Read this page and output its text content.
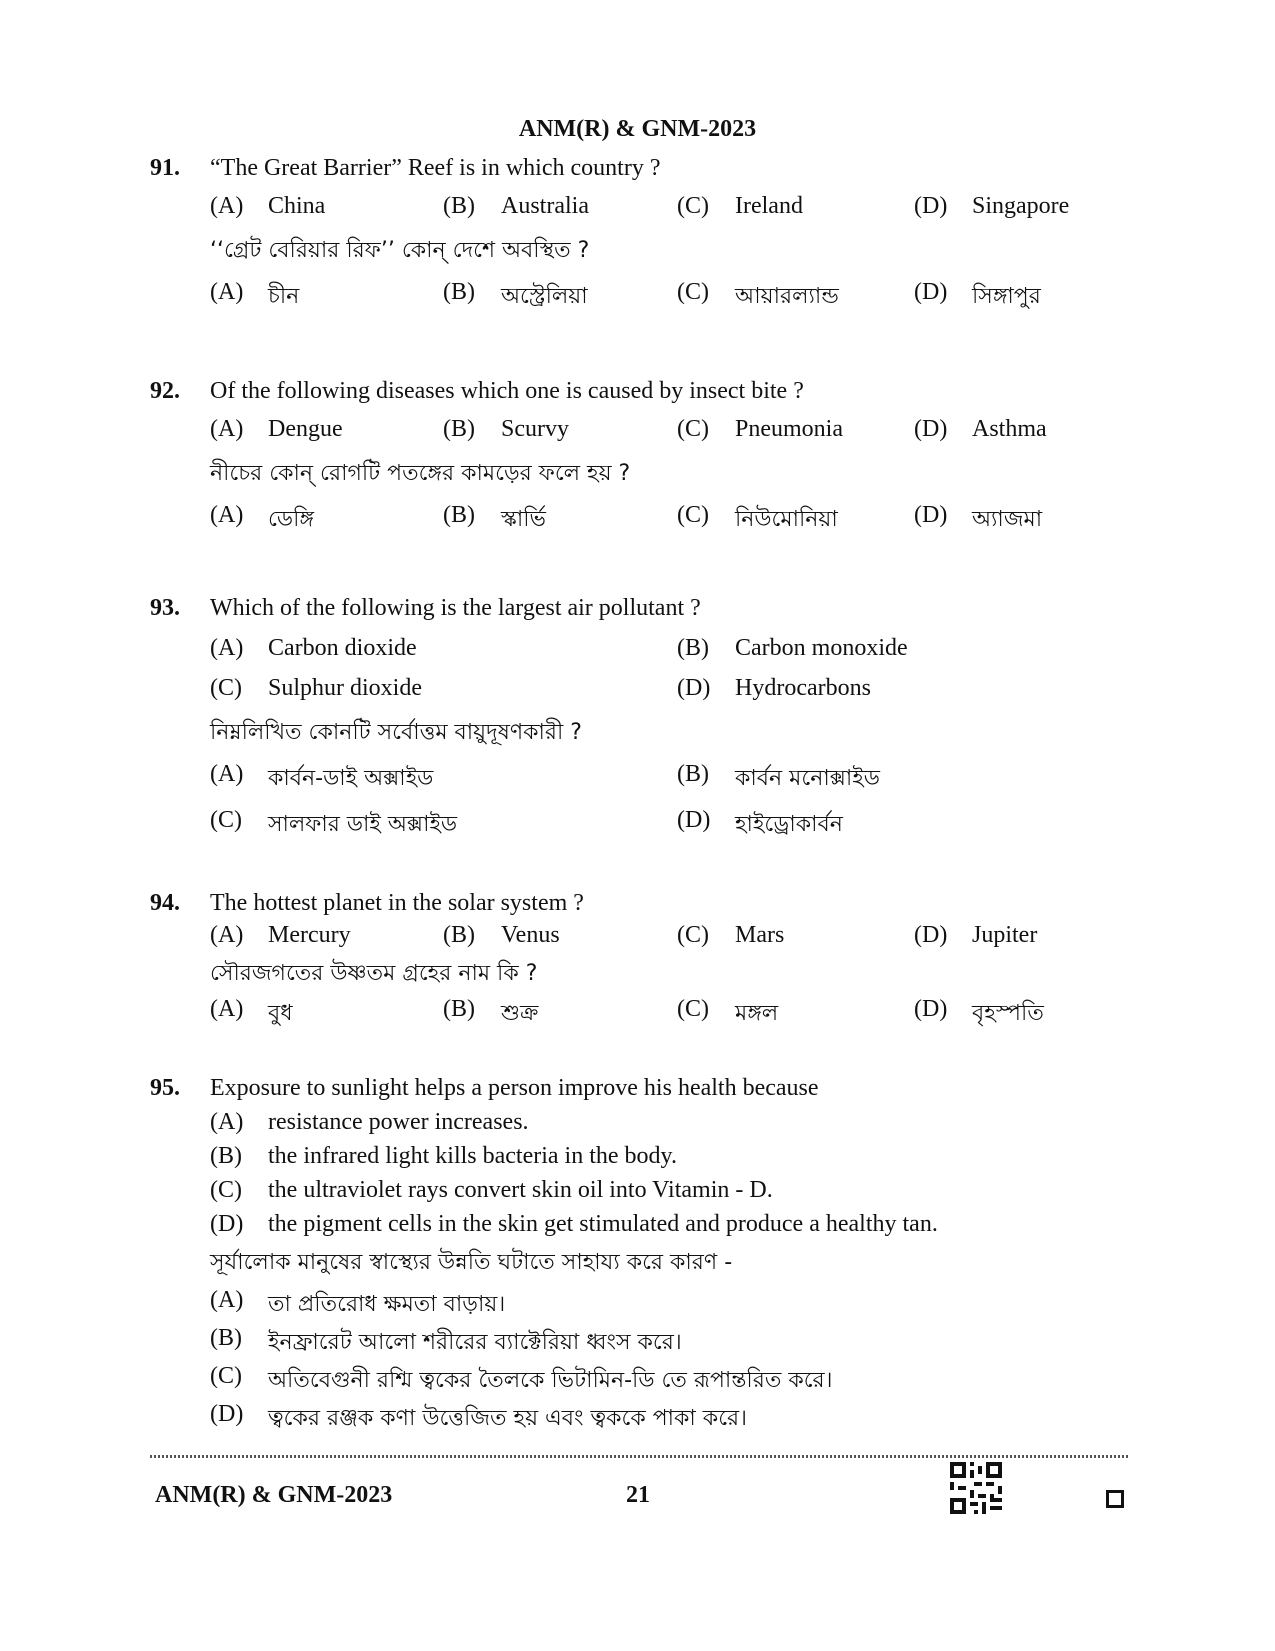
ANM(R) & GNM-2023
91. “The Great Barrier” Reef is in which country ?
(A) China	(B) Australia	(C) Ireland	(D) Singapore
‘‘গ্রেট বেরিয়ার রিফ’’ কোন্ দেশে অবস্থিত ?
(A) চীন	(B) অস্ট্রেলিয়া	(C) আয়ারল্যান্ড	(D) সিঙ্গাপুর
92. Of the following diseases which one is caused by insect bite ?
(A) Dengue	(B) Scurvy	(C) Pneumonia	(D) Asthma
নীচের কোন্ রোগটি পতঙ্গের কামড়ের ফলে হয় ?
(A) ডেঙ্গি	(B) স্কার্ভি	(C) নিউমোনিয়া	(D) অ্যাজমা
93. Which of the following is the largest air pollutant ?
(A) Carbon dioxide	(B) Carbon monoxide
(C) Sulphur dioxide	(D) Hydrocarbons
নিম্নলিখিত কোনটি সর্বোত্তম বায়ুদূষণকারী ?
(A) কার্বন-ডাই অক্সাইড	(B) কার্বন মনোক্সাইড
(C) সালফার ডাই অক্সাইড	(D) হাইড্রোকার্বন
94. The hottest planet in the solar system ?
(A) Mercury	(B) Venus	(C) Mars	(D) Jupiter
সৌরজগতের উষ্ণতম গ্রহের নাম কি ?
(A) বুধ	(B) শুক্র	(C) মঙ্গল	(D) বৃহস্পতি
95. Exposure to sunlight helps a person improve his health because
(A) resistance power increases.
(B) the infrared light kills bacteria in the body.
(C) the ultraviolet rays convert skin oil into Vitamin - D.
(D) the pigment cells in the skin get stimulated and produce a healthy tan.
সূর্যালোক মানুষের স্বাস্থ্যের উন্নতি ঘটাতে সাহায্য করে কারণ -
(A) তা প্রতিরোধ ক্ষমতা বাড়ায়।
(B) ইনফ্রারেট আলো শরীরের ব্যাক্টেরিয়া ধ্বংস করে।
(C) অতিবেগুনী রশ্মি ত্বকের তৈলকে ভিটামিন-ডি তে রূপান্তরিত করে।
(D) ত্বকের রঞ্জক কণা উত্তেজিত হয় এবং ত্বককে পাকা করে।
ANM(R) & GNM-2023	21
